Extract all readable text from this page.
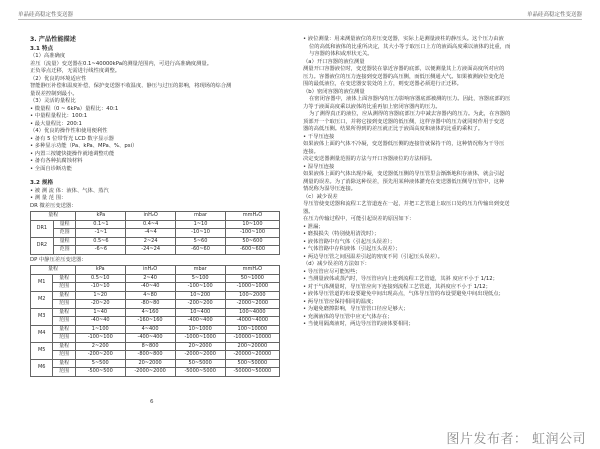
单晶硅高稳定性变送器	单晶硅高稳定性变送器

3. 产品性能描述

3.1 特点

（1）高准确度

差压（流量）变送器在0.1~40000kPa的测量范围内，可进行高准确度测量。

正负零点迁移，无需进行线性度调整。

（2）优良的环境适应性

智能静压补偿和温度补偿，保护变送器不收温度、静压与过压的影响，将现场的综合测

量误差控制到最小。

（3）灵活的量程比

• 微量程（0 ~ 6kPa）量程比：40:1

• 中量程量程比：100:1

• 最大量程比：200:1

（4）优良的操作性和使用便利性

• 备有 5 位带背光 LCD 数字显示器

• 多种显示功能（Pa、kPa、MPa、%、psi）

• 内置三按键快捷操作就地调整功能

• 备有各种抗腐蚀材料

• 全面自诊断功能

3.2 规格

• 被 测 流 体：液体、气体、蒸汽

• 测 量 范 围：

DR 微差压变送器：

量程		kPa	inH₂O	mbar	mmH₂O
DR1	量程	0.1~1	0.4~4	1~10	10~100
	范围	-1~1	-4~4	-10~10	-100~100
DR2	量程	0.5~6	2~24	5~60	50~600
	范围	-6~6	-24~24	-60~60	-600~600

DP 中静压差压变送器：

量程		kPa	inH₂O	mbar	mmH₂O
M1	量程	0.5~10	2~40	5~100	50~1000
	范围	-10~10	-40~40	-100~100	-1000~1000
M2	量程	1~20	4~80	10~200	100~2000
	范围	-20~20	-80~80	-200~200	-2000~2000
M3	量程	1~40	4~160	10~400	100~4000
	范围	-40~40	-160~160	-400~400	-4000~4000
M4	量程	1~100	4~400	10~1000	100~10000
	范围	-100~100	-400~400	-1000~1000	-10000~10000
M5	量程	2~200	8~800	20~2000	200~20000
	范围	-200~200	-800~800	-2000~2000	-20000~20000
M6	量程	5~500	20~2000	50~5000	500~50000
	范围	-500~500	-2000~2000	-5000~5000	-50000~50000

• 液位测量：用来测量液位的差压变送器，实际上是测量液柱的静压头。这个压力由液

位的高低和液体的比重所决定，其大小等于取压口上方的液面高度乘以液体的比重，而

与容器的体积或形状无关。

（a）开口容器的液位测量

测量开口容器液位时，变送器装在靠近容器的底部，以便测量其上方液面高度所对应的

压力。容器液位的压力连接到变送器的高压侧，而低压侧通大气。如果被测液位变化范

围的最低液位，在变送器安装处的上方，则变送器必须进行正迁移。

（b）密闭容器的液位测量

在密闭容器中，液体上面容器内的压力影响容器底部被测的压力。因此，容器底部的压

力等于液面高度乘以液体的比重再加上密闭容器内的压力。

为了测得真正的液位，应从测得的容器底部压力中减去容器内的压力。为此，在容器的

顶部开一个取压口，并将它接到变送器的低压侧，这样容器中的压力就同时作用于变送

器的高低压侧。结果所得到的差压就正比于液面高度和液体的比重的乘积了。

• 干导压连接

如果液体上面的气体不冷凝，变送器低压侧的连接管就保持干的，这种情况称为干导压

连接。

决定变送器测量范围的方法与开口容器液位的方法相同。

• 湿导压连接

如果液体上面的气体出现冷凝，变送器低压侧的导压管里会渐渐地积存液体，就会引起

测量的误差。为了消除这种误差，预先用某种液体灌充在变送器低压侧导压管中，这种

情况称为湿导压连接。

（c）减少误差

导压管使变送器和流程工艺管道连在一起，并把工艺管道上取压口处的压力传输出到变送

器。

在压力传输过程中，可能引起误差的原因如下：

• 泄漏；

• 磨损损失（特别使用清洗时）；

• 液体管路中有气体（引起压头误差）；

• 气体管路中存积液体（引起压头误差）；

• 两边导压管之间因温差引起的密度不同（引起压头误差）。

（d）减少误差的方法如下：

• 导压管应尽可能短些；

• 当测量液体或蒸汽时，导压管应向上连到流程工艺管道，其斜 度应不小于 1/12；

• 对于气体测量时，导压管应向下连接到流程工艺管道，其斜度应不小于 1/12；

• 液体导压管道的布设要避免中间出现高点，气体导压管的布设要避免中间出现低点；

• 两导压管应保持相同的温度；

• 为避免磨擦影响，导压管管口径应足够大；

• 充满液体的导压管中应无气体存在；

• 当使用隔离液时，两边导压管的液体要相同；

6
图片发布者： 虹润公司
